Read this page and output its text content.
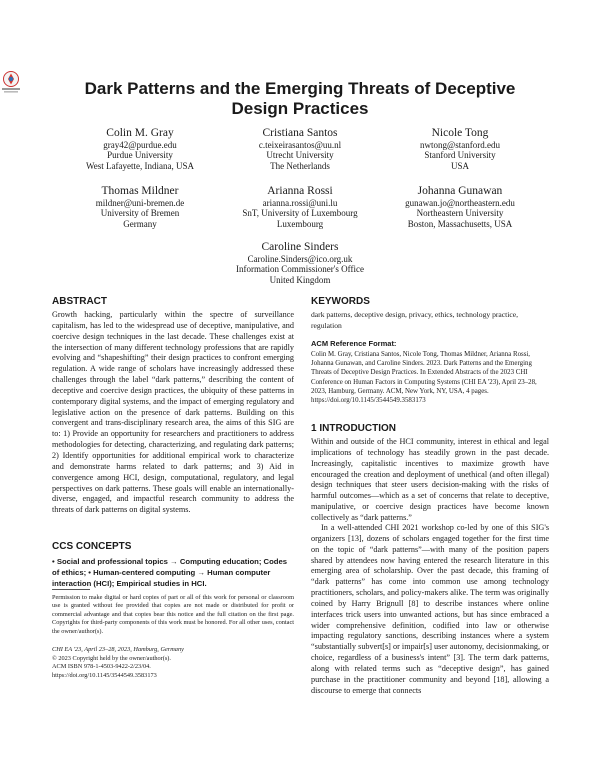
Dark Patterns and the Emerging Threats of Deceptive Design Practices
Colin M. Gray
gray42@purdue.edu
Purdue University
West Lafayette, Indiana, USA
Cristiana Santos
c.teixeirasantos@uu.nl
Utrecht University
The Netherlands
Nicole Tong
nwtong@stanford.edu
Stanford University
USA
Thomas Mildner
mildner@uni-bremen.de
University of Bremen
Germany
Arianna Rossi
arianna.rossi@uni.lu
SnT, University of Luxembourg
Luxembourg
Johanna Gunawan
gunawan.jo@northeastern.edu
Northeastern University
Boston, Massachusetts, USA
Caroline Sinders
Caroline.Sinders@ico.org.uk
Information Commissioner's Office
United Kingdom
ABSTRACT

Growth hacking, particularly within the spectre of surveillance capitalism, has led to the widespread use of deceptive, manipulative, and coercive design techniques in the last decade. These challenges exist at the intersection of many different technology professions that are rapidly evolving and “shapeshifting” their design practices to confront emerging regulation. A wide range of scholars have increasingly addressed these challenges through the label “dark patterns,” describing the content of deceptive and coercive design practices, the ubiquity of these patterns in contemporary digital systems, and the impact of emerging regulatory and legislative action on the presence of dark patterns. Building on this convergent and trans-disciplinary research area, the aims of this SIG are to: 1) Provide an opportunity for researchers and practitioners to address methodologies for detecting, characterizing, and regulating dark patterns; 2) Identify opportunities for additional empirical work to characterize and demonstrate harms related to dark patterns; and 3) Aid in convergence among HCI, design, computational, regulatory, and legal perspectives on dark patterns. These goals will enable an internationally-diverse, engaged, and impactful research community to address the threats of dark patterns on digital systems.

CCS CONCEPTS

• Social and professional topics → Computing education; Codes of ethics; • Human-centered computing → Human computer interaction (HCI); Empirical studies in HCI.

Permission to make digital or hard copies of part or all of this work for personal or classroom use is granted without fee provided that copies are not made or distributed for profit or commercial advantage and that copies bear this notice and the full citation on the first page. Copyrights for third-party components of this work must be honored. For all other uses, contact the owner/author(s).

CHI EA '23, April 23–28, 2023, Hamburg, Germany

© 2023 Copyright held by the owner/author(s).

ACM ISBN 978-1-4503-9422-2/23/04.

https://doi.org/10.1145/3544549.3583173

KEYWORDS

dark patterns, deceptive design, privacy, ethics, technology practice, regulation

ACM Reference Format:

Colin M. Gray, Cristiana Santos, Nicole Tong, Thomas Mildner, Arianna Rossi, Johanna Gunawan, and Caroline Sinders. 2023. Dark Patterns and the Emerging Threats of Deceptive Design Practices. In Extended Abstracts of the 2023 CHI Conference on Human Factors in Computing Systems (CHI EA '23), April 23–28, 2023, Hamburg, Germany. ACM, New York, NY, USA, 4 pages. https://doi.org/10.1145/3544549.3583173

1 INTRODUCTION

Within and outside of the HCI community, interest in ethical and legal implications of technology has steadily grown in the past decade. Increasingly, capitalistic incentives to maximize growth have encouraged the creation and deployment of unethical (and often illegal) design techniques that steer users decision-making with the risks of harmful outcomes—which as a set of concerns that relate to deceptive, manipulative, or coercive design practices have become known collectively as “dark patterns.”

In a well-attended CHI 2021 workshop co-led by one of this SIG's organizers [13], dozens of scholars engaged together for the first time on the topic of “dark patterns”—with many of the position papers shared by attendees now having entered the research literature in this emerging area of scholarship. Over the past decade, this framing of “dark patterns” has come into common use among technology practitioners, scholars, and policy-makers alike. The term was originally coined by Harry Brignull [8] to describe instances where online interfaces trick users into unwanted actions, but has since embraced a wider comprehensive definition, codified into law or otherwise impacting regulatory sanctions, describing instances where a system “substantially subvert[s] or impair[s] user autonomy, decisionmaking, or choice, regardless of a business's intent” [3]. The term dark patterns, along with related terms such as “deceptive design”, has gained purchase in the practitioner community and beyond [18], allowing a discourse to emerge that connects
